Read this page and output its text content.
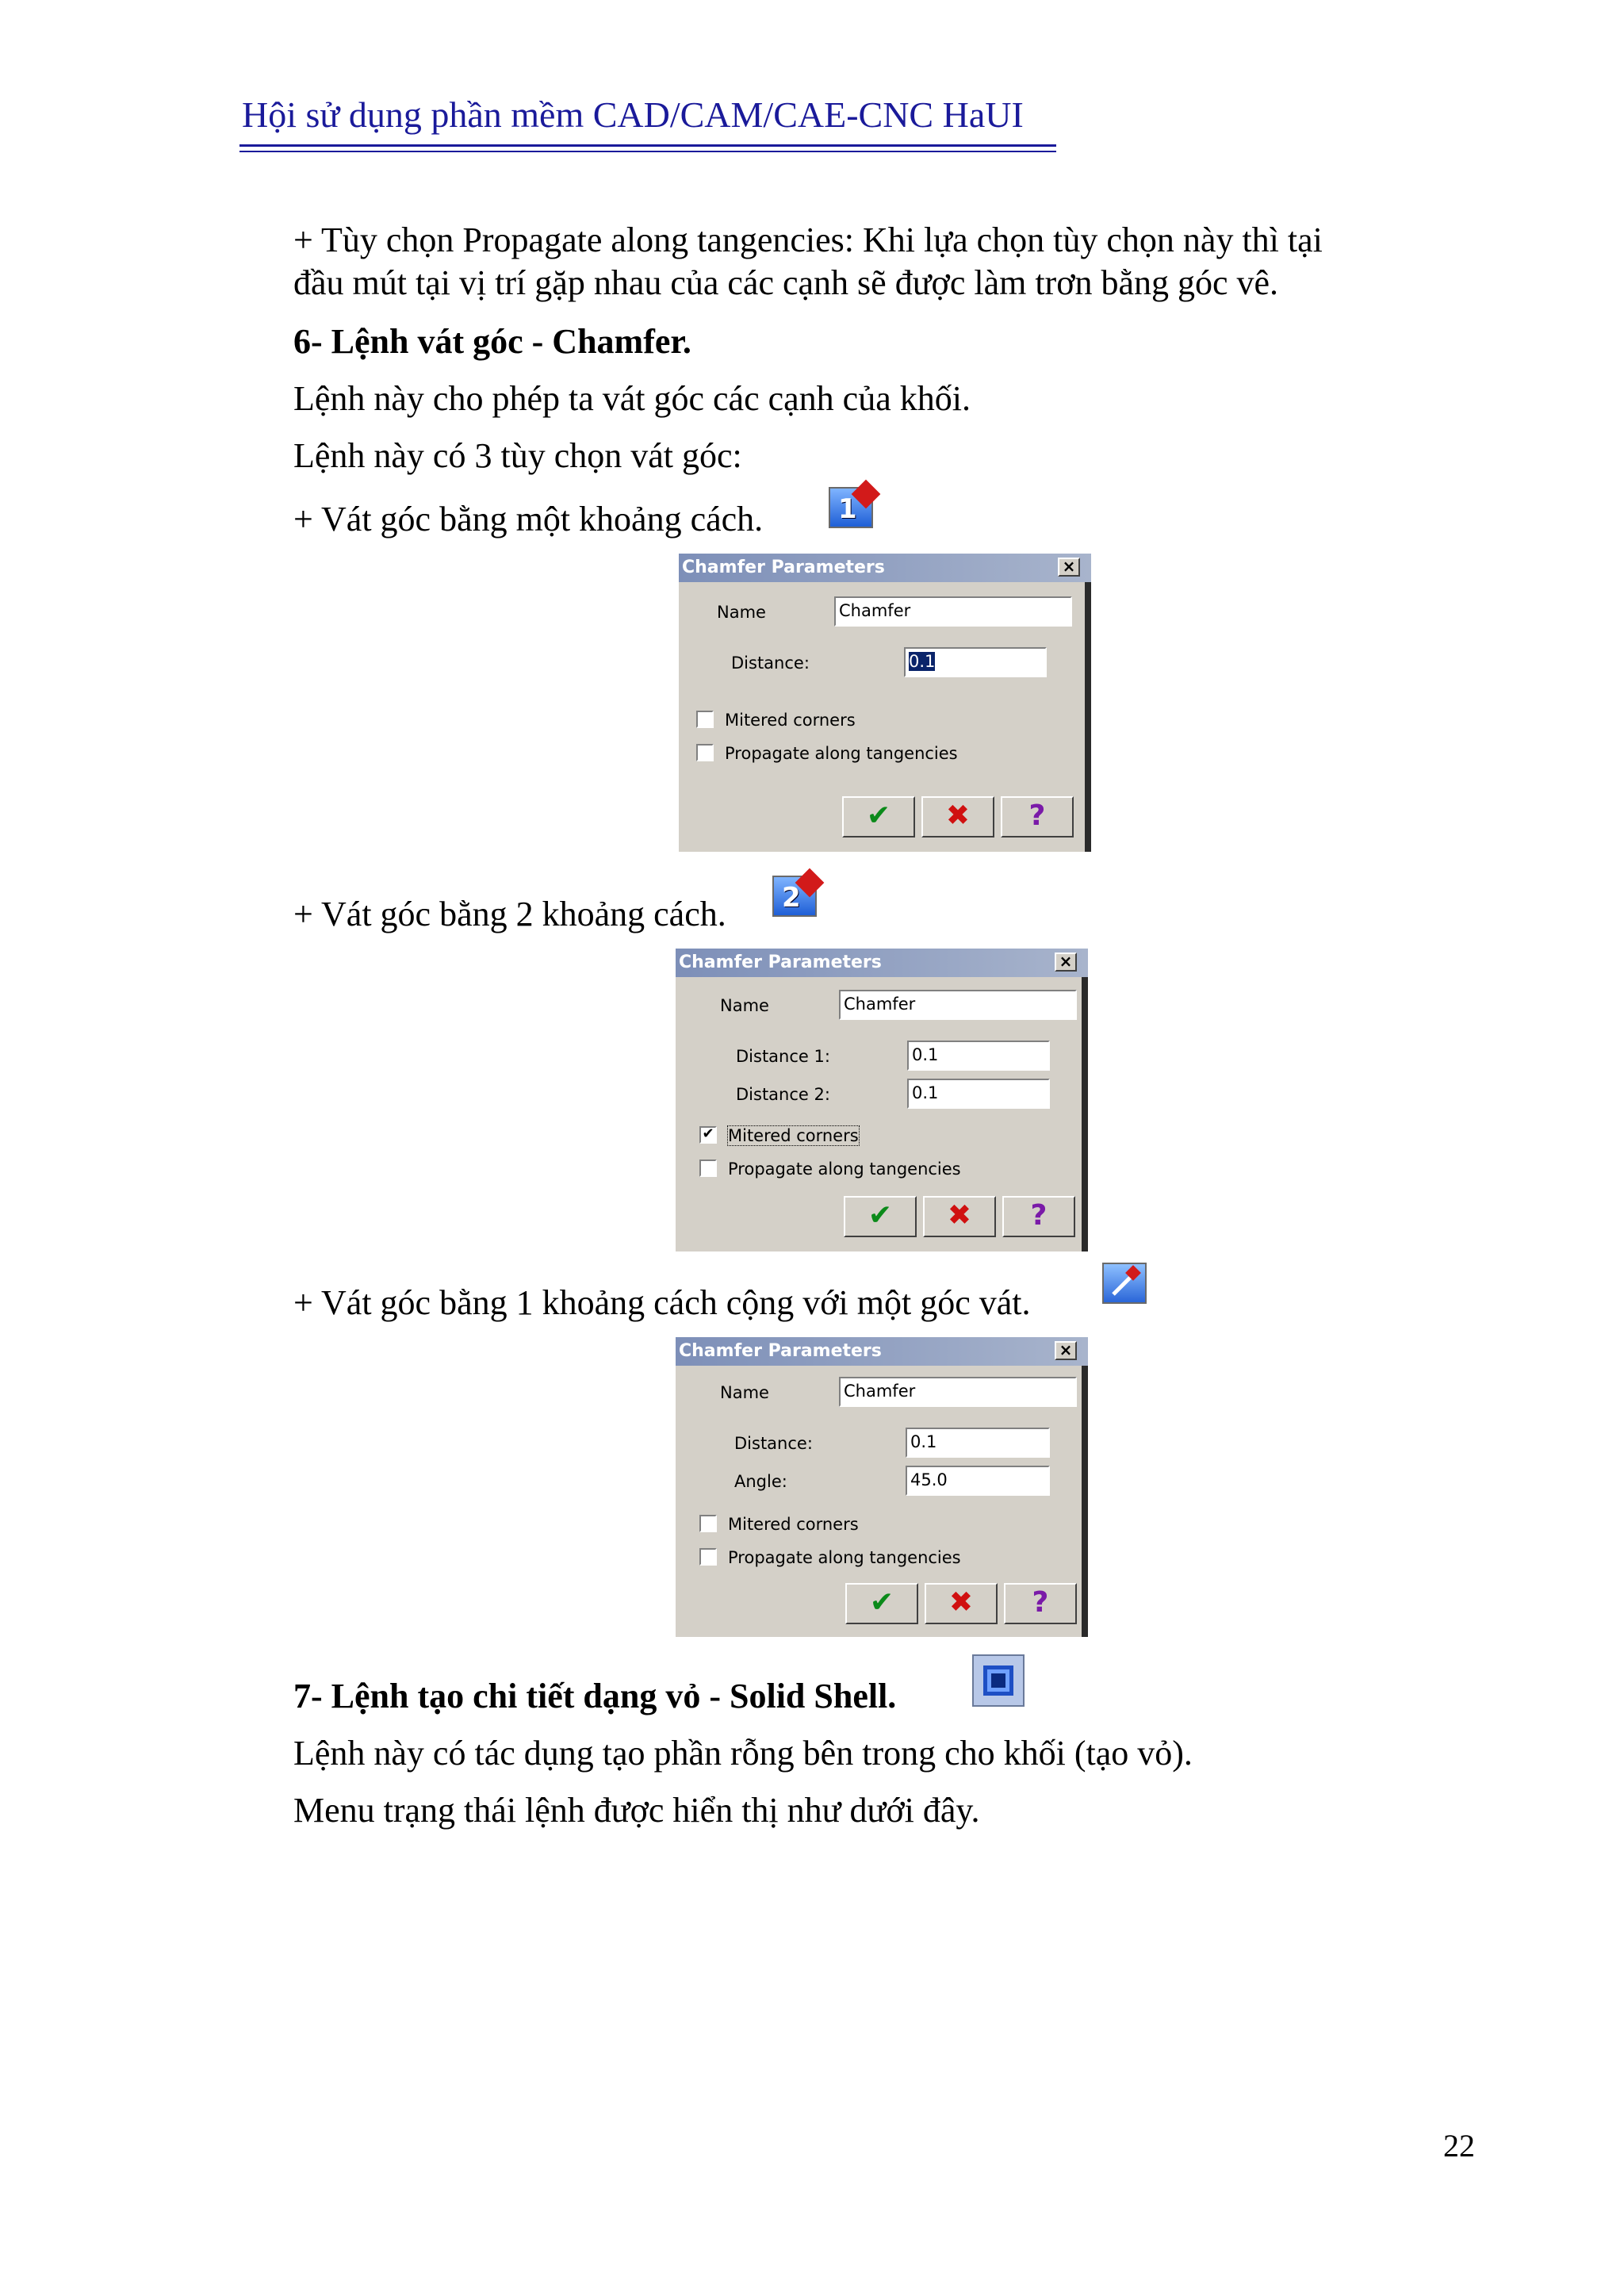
Hội sử dụng phần mềm CAD/CAM/CAE-CNC HaUI
+ Tùy chọn Propagate along tangencies: Khi lựa chọn tùy chọn này thì tại
đầu mút tại vị trí gặp nhau của các cạnh sẽ được làm trơn bằng góc vê.
6- Lệnh vát góc - Chamfer.
Lệnh này cho phép ta vát góc các cạnh của khối.
Lệnh này có 3 tùy chọn vát góc:
+ Vát góc bằng một khoảng cách.	1
Chamfer Parameters	×
Name	Chamfer
Distance:	0.1
Mitered corners
Propagate along tangencies
✔	✖	?
+ Vát góc bằng 2 khoảng cách. 2
Chamfer Parameters	×
Name	Chamfer
Distance 1:	0.1
Distance 2:	0.1
✔ Mitered corners
Propagate along tangencies
✔	✖	?
+ Vát góc bằng 1 khoảng cách cộng với một góc vát.
Chamfer Parameters	×
Name	Chamfer
Distance:	0.1
Angle:	45.0
Mitered corners
Propagate along tangencies
✔	✖	?
7- Lệnh tạo chi tiết dạng vỏ - Solid Shell.
Lệnh này có tác dụng tạo phần rỗng bên trong cho khối (tạo vỏ).
Menu trạng thái lệnh được hiển thị như dưới đây.
22
